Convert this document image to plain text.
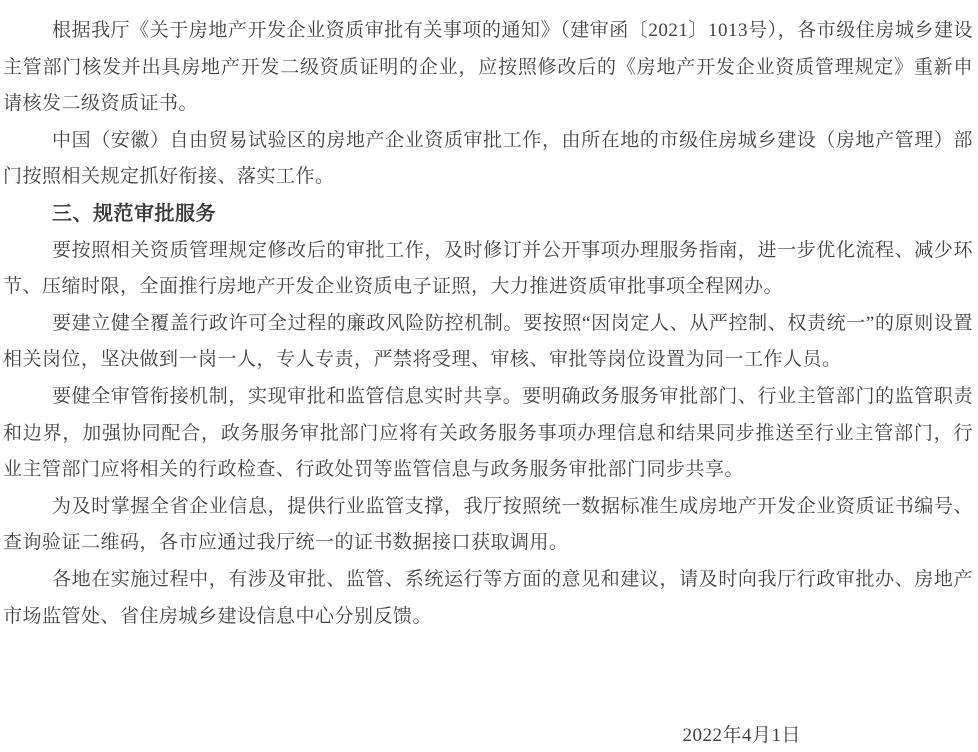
根据我厅《关于房地产开发企业资质审批有关事项的通知》（建审函〔2021〕1013号），各市级住房城乡建设主管部门核发并出具房地产开发二级资质证明的企业，应按照修改后的《房地产开发企业资质管理规定》重新申请核发二级资质证书。

中国（安徽）自由贸易试验区的房地产企业资质审批工作，由所在地的市级住房城乡建设（房地产管理）部门按照相关规定抓好衔接、落实工作。

三、规范审批服务

要按照相关资质管理规定修改后的审批工作，及时修订并公开事项办理服务指南，进一步优化流程、减少环节、压缩时限，全面推行房地产开发企业资质电子证照，大力推进资质审批事项全程网办。

要建立健全覆盖行政许可全过程的廉政风险防控机制。要按照“因岗定人、从严控制、权责统一”的原则设置相关岗位，坚决做到一岗一人，专人专责，严禁将受理、审核、审批等岗位设置为同一工作人员。

要健全审管衔接机制，实现审批和监管信息实时共享。要明确政务服务审批部门、行业主管部门的监管职责和边界，加强协同配合，政务服务审批部门应将有关政务服务事项办理信息和结果同步推送至行业主管部门，行业主管部门应将相关的行政检查、行政处罚等监管信息与政务服务审批部门同步共享。

为及时掌握全省企业信息，提供行业监管支撑，我厅按照统一数据标准生成房地产开发企业资质证书编号、查询验证二维码，各市应通过我厅统一的证书数据接口获取调用。

各地在实施过程中，有涉及审批、监管、系统运行等方面的意见和建议，请及时向我厅行政审批办、房地产市场监管处、省住房城乡建设信息中心分别反馈。

2022年4月1日
